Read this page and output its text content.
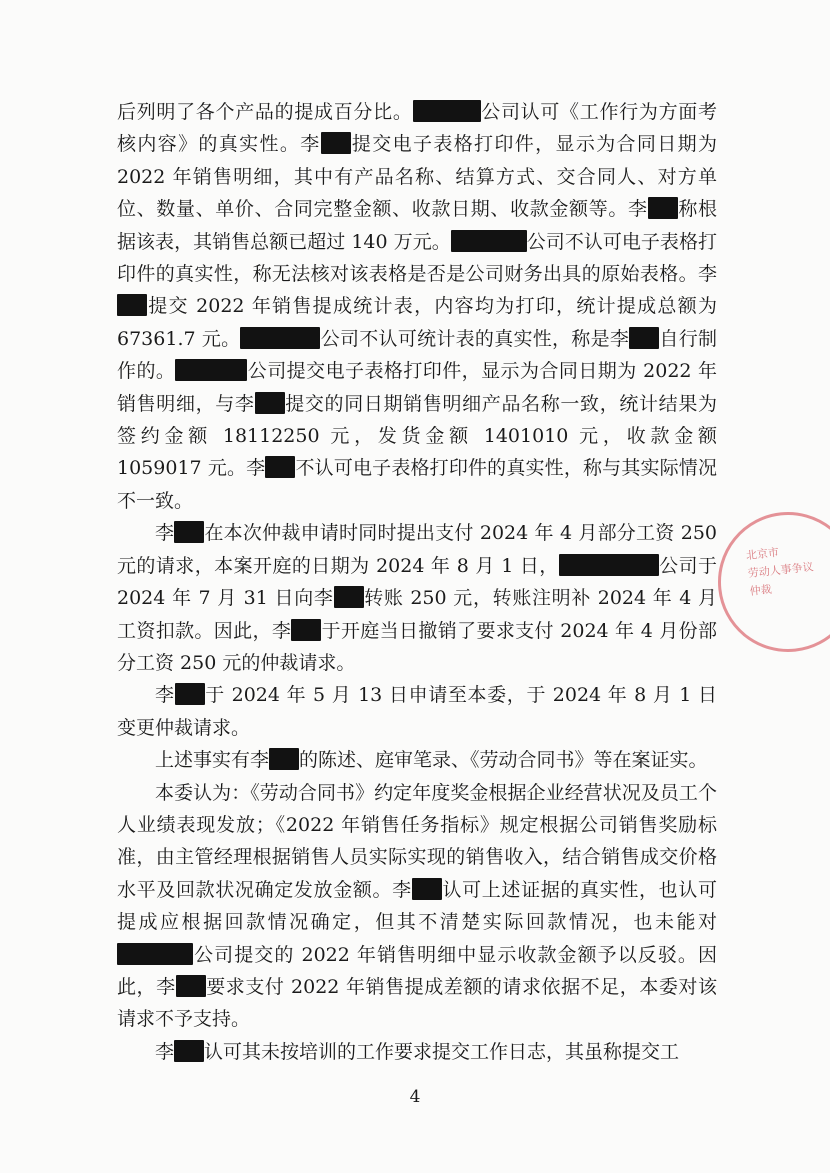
后列明了各个产品的提成百分比。	公司认可《工作行为方面考核内容》的真实性。李 提交电子表格打印件，显示为合同日期为 2022 年销售明细，其中有产品名称、结算方式、交合同人、对方单位、数量、单价、合同完整金额、收款日期、收款金额等。李 称根据该表，其销售总额已超过 140 万元。	公司不认可电子表格打印件的真实性，称无法核对该表格是否是公司财务出具的原始表格。李提交 2022 年销售提成统计表，内容均为打印，统计提成总额为 67361.7 元。	公司不认可统计表的真实性，称是李 自行制作的。	公司提交电子表格打印件，显示为合同日期为 2022 年销售明细，与李 提交的同日期销售明细产品名称一致，统计结果为签约金额 18112250 元，发货金额 1401010 元，收款金额 1059017 元。李 不认可电子表格打印件的真实性，称与其实际情况不一致。

李 在本次仲裁申请时同时提出支付 2024 年 4 月部分工资 250 元的请求，本案开庭的日期为 2024 年 8 月 1 日，	公司于 2024 年 7 月 31 日向李 转账 250 元，转账注明补 2024 年 4 月工资扣款。因此，李 于开庭当日撤销了要求支付 2024 年 4 月份部分工资 250 元的仲裁请求。

李 于 2024 年 5 月 13 日申请至本委，于 2024 年 8 月 1 日变更仲裁请求。

上述事实有李 的陈述、庭审笔录、《劳动合同书》等在案证实。

本委认为：《劳动合同书》约定年度奖金根据企业经营状况及员工个人业绩表现发放；《2022 年销售任务指标》规定根据公司销售奖励标准，由主管经理根据销售人员实际实现的销售收入，结合销售成交价格水平及回款状况确定发放金额。李 认可上述证据的真实性，也认可提成应根据回款情况确定，但其不清楚实际回款情况，也未能对公司提交的 2022 年销售明细中显示收款金额予以反驳。因此，李 要求支付 2022 年销售提成差额的请求依据不足，本委对该请求不予支持。

李 认可其未按培训的工作要求提交工作日志，其虽称提交工

北京市
劳动人事争议
仲裁
4
